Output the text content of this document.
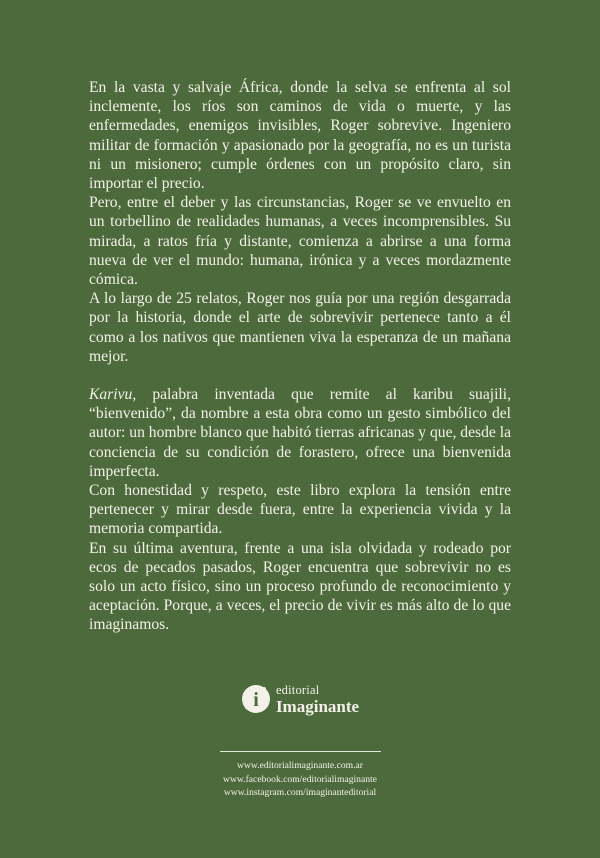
En la vasta y salvaje África, donde la selva se enfrenta al sol inclemente, los ríos son caminos de vida o muerte, y las enfermedades, enemigos invisibles, Roger sobrevive. Ingeniero militar de formación y apasionado por la geografía, no es un turista ni un misionero; cumple órdenes con un propósito claro, sin importar el precio.

Pero, entre el deber y las circunstancias, Roger se ve envuelto en un torbellino de realidades humanas, a veces incomprensibles. Su mirada, a ratos fría y distante, comienza a abrirse a una forma nueva de ver el mundo: humana, irónica y a veces mordazmente cómica.

A lo largo de 25 relatos, Roger nos guía por una región desgarrada por la historia, donde el arte de sobrevivir pertenece tanto a él como a los nativos que mantienen viva la esperanza de un mañana mejor.

Karivu, palabra inventada que remite al karibu suajili, “bienvenido”, da nombre a esta obra como un gesto simbólico del autor: un hombre blanco que habitó tierras africanas y que, desde la conciencia de su condición de forastero, ofrece una bienvenida imperfecta.

Con honestidad y respeto, este libro explora la tensión entre pertenecer y mirar desde fuera, entre la experiencia vivida y la memoria compartida.

En su última aventura, frente a una isla olvidada y rodeado por ecos de pecados pasados, Roger encuentra que sobrevivir no es solo un acto físico, sino un proceso profundo de reconocimiento y aceptación. Porque, a veces, el precio de vivir es más alto de lo que imaginamos.

i editorial
Imaginante
www.editorialimaginante.com.ar
www.facebook.com/editorialimaginante
www.instagram.com/imaginanteditorial
